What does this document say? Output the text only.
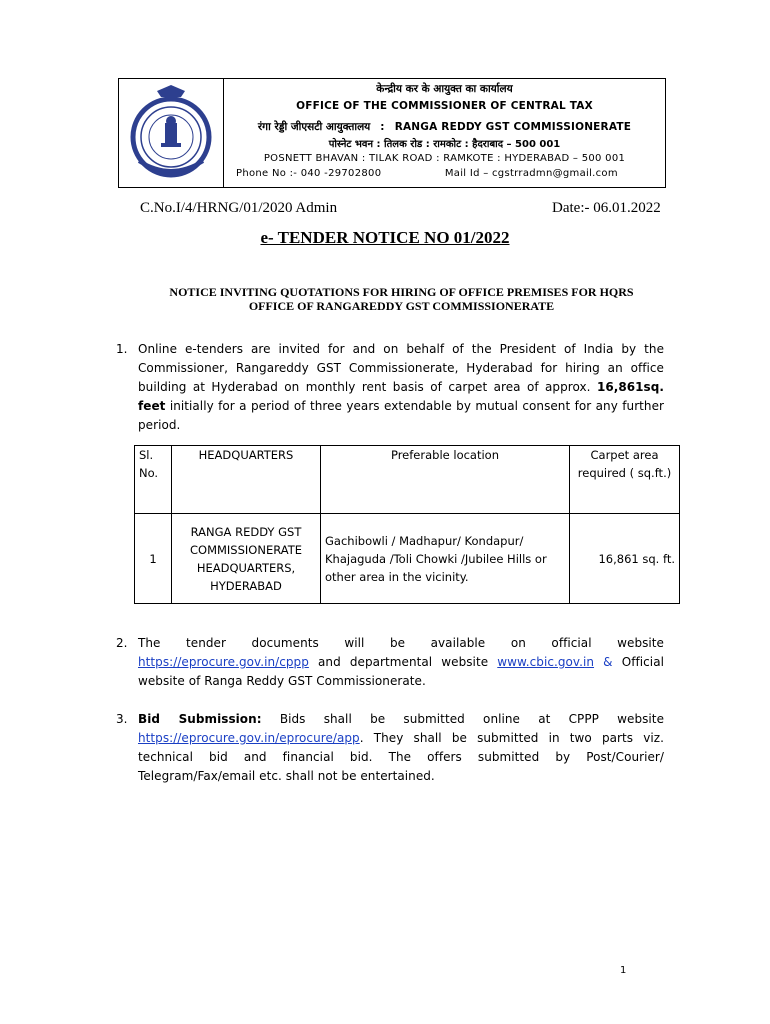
केन्द्रीय कर के आयुक्त का कार्यालय
OFFICE OF THE COMMISSIONER OF CENTRAL TAX
रंगा रेड्डी जीएसटी आयुक्तालय : RANGA REDDY GST COMMISSIONERATE
पोस्नेट भवन : तिलक रोड : रामकोट : हैदराबाद – 500 001
POSNETT BHAVAN : TILAK ROAD : RAMKOTE : HYDERABAD – 500 001
Phone No :- 040 -29702800	Mail Id – cgstrradmn@gmail.com
C.No.I/4/HRNG/01/2020 Admin	Date:- 06.01.2022
e- TENDER NOTICE NO 01/2022
NOTICE INVITING QUOTATIONS FOR HIRING OF OFFICE PREMISES FOR HQRS
OFFICE OF RANGAREDDY GST COMMISSIONERATE
1. Online e-tenders are invited for and on behalf of the President of India by the Commissioner, Rangareddy GST Commissionerate, Hyderabad for hiring an office building at Hyderabad on monthly rent basis of carpet area of approx. 16,861sq. feet initially for a period of three years extendable by mutual consent for any further period.
Sl. No.	HEADQUARTERS	Preferable location	Carpet area required ( sq.ft.)
1	RANGA REDDY GST COMMISSIONERATE HEADQUARTERS, HYDERABAD	Gachibowli / Madhapur/ Kondapur/ Khajaguda /Toli Chowki /Jubilee Hills or other area in the vicinity.	16,861 sq. ft.
2. The tender documents will be available on official website https://eprocure.gov.in/cppp and departmental website www.cbic.gov.in & Official website of Ranga Reddy GST Commissionerate.
3. Bid Submission: Bids shall be submitted online at CPPP website https://eprocure.gov.in/eprocure/app. They shall be submitted in two parts viz. technical bid and financial bid. The offers submitted by Post/Courier/ Telegram/Fax/email etc. shall not be entertained.
1
